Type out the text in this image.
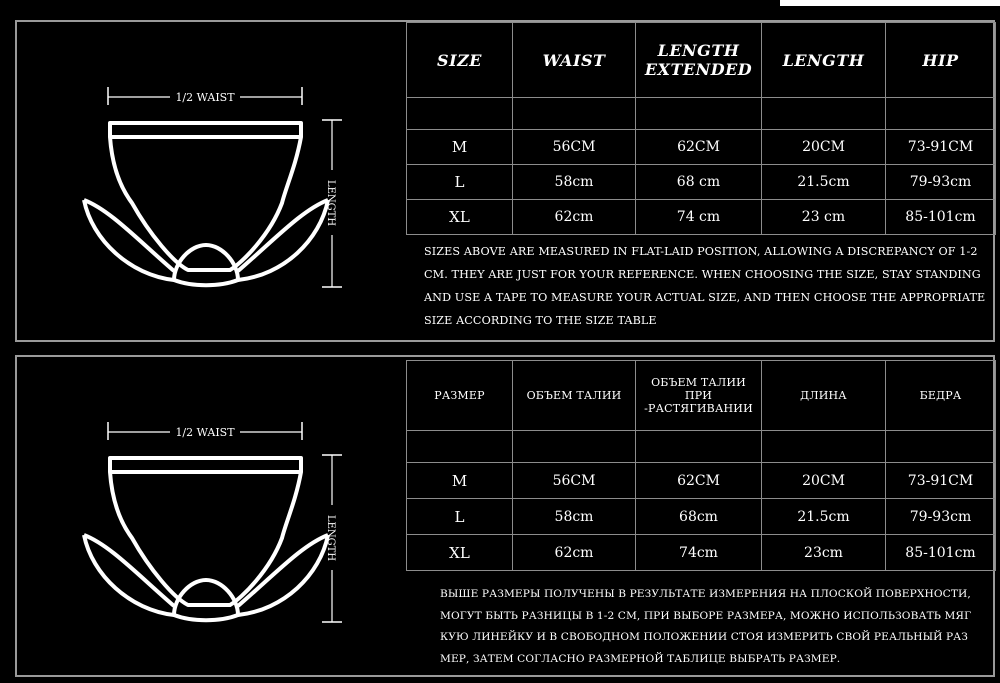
1/2 WAIST
LENGTH
SIZE	WAIST	LENGTH EXTENDED	LENGTH	HIP

M	56CM	62CM	20CM	73-91CM
L	58cm	68 cm	21.5cm	79-93cm
XL	62cm	74 cm	23 cm	85-101cm
SIZES ABOVE ARE MEASURED IN FLAT-LAID POSITION, ALLOWING A DISCREPANCY OF 1-2
CM. THEY ARE JUST FOR YOUR REFERENCE. WHEN CHOOSING THE SIZE, STAY STANDING
AND USE A TAPE TO MEASURE YOUR ACTUAL SIZE, AND THEN CHOOSE THE APPROPRIATE
SIZE ACCORDING TO THE SIZE TABLE
1/2 WAIST
LENGTH
РАЗМЕР	ОБЪЕМ ТАЛИИ	ОБЪЕМ ТАЛИИ ПРИ -РАСТЯГИВАНИИ	ДЛИНА	БЕДРА

M	56CM	62CM	20CM	73-91CM
L	58cm	68cm	21.5cm	79-93cm
XL	62cm	74cm	23cm	85-101cm
ВЫШЕ РАЗМЕРЫ ПОЛУЧЕНЫ В РЕЗУЛЬТАТЕ ИЗМЕРЕНИЯ НА ПЛОСКОЙ ПОВЕРХНОСТИ,
МОГУТ БЫТЬ РАЗНИЦЫ В 1-2 СМ, ПРИ ВЫБОРЕ РАЗМЕРА, МОЖНО ИСПОЛЬЗОВАТЬ МЯГ
КУЮ ЛИНЕЙКУ И В СВОБОДНОМ ПОЛОЖЕНИИ СТОЯ ИЗМЕРИТЬ СВОЙ РЕАЛЬНЫЙ РАЗ
МЕР, ЗАТЕМ СОГЛАСНО РАЗМЕРНОЙ ТАБЛИЦЕ ВЫБРАТЬ РАЗМЕР.
